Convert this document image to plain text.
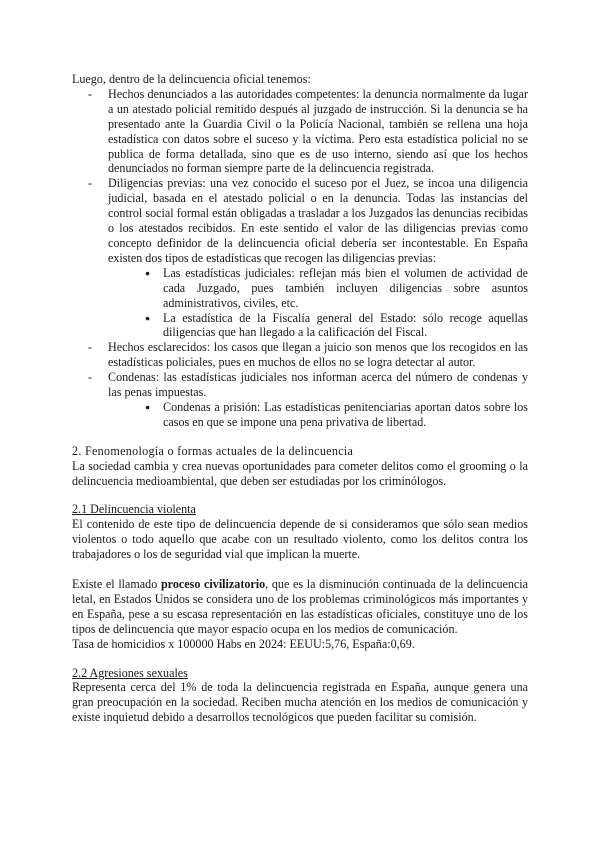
Luego, dentro de la delincuencia oficial tenemos:

- Hechos denunciados a las autoridades competentes: la denuncia normalmente da lugar a un atestado policial remitido después al juzgado de instrucción. Si la denuncia se ha presentado ante la Guardia Civil o la Policía Nacional, también se rellena una hoja estadística con datos sobre el suceso y la víctima. Pero esta estadística policial no se publica de forma detallada, sino que es de uso interno, siendo así que los hechos denunciados no forman siempre parte de la delincuencia registrada.
- Diligencias previas: una vez conocido el suceso por el Juez, se incoa una diligencia judicial, basada en el atestado policial o en la denuncia. Todas las instancias del control social formal están obligadas a trasladar a los Juzgados las denuncias recibidas o los atestados recibidos. En este sentido el valor de las diligencias previas como concepto definidor de la delincuencia oficial debería ser incontestable. En España existen dos tipos de estadísticas que recogen las diligencias previas:
● Las estadísticas judiciales: reflejan más bien el volumen de actividad de cada Juzgado, pues también incluyen diligencias sobre asuntos administrativos, civiles, etc.
● La estadística de la Fiscalía general del Estado: sólo recoge aquellas diligencias que han llegado a la calificación del Fiscal.
- Hechos esclarecidos: los casos que llegan a juicio son menos que los recogidos en las estadísticas policiales, pues en muchos de ellos no se logra detectar al autor.
- Condenas: las estadísticas judiciales nos informan acerca del número de condenas y las penas impuestas.
● Condenas a prisión: Las estadísticas penitenciarias aportan datos sobre los casos en que se impone una pena privativa de libertad.

2. Fenomenología o formas actuales de la delincuencia

La sociedad cambia y crea nuevas oportunidades para cometer delitos como el grooming o la delincuencia medioambiental, que deben ser estudiadas por los criminólogos.

2.1 Delincuencia violenta

El contenido de este tipo de delincuencia depende de si consideramos que sólo sean medios violentos o todo aquello que acabe con un resultado violento, como los delitos contra los trabajadores o los de seguridad vial que implican la muerte.

Existe el llamado proceso civilizatorio, que es la disminución continuada de la delincuencia letal, en Estados Unidos se considera uno de los problemas criminológicos más importantes y en España, pese a su escasa representación en las estadísticas oficiales, constituye uno de los tipos de delincuencia que mayor espacio ocupa en los medios de comunicación.

Tasa de homicidios x 100000 Habs en 2024: EEUU:5,76, España:0,69.

2.2 Agresiones sexuales

Representa cerca del 1% de toda la delincuencia registrada en España, aunque genera una gran preocupación en la sociedad. Reciben mucha atención en los medios de comunicación y existe inquietud debido a desarrollos tecnológicos que pueden facilitar su comisión.
